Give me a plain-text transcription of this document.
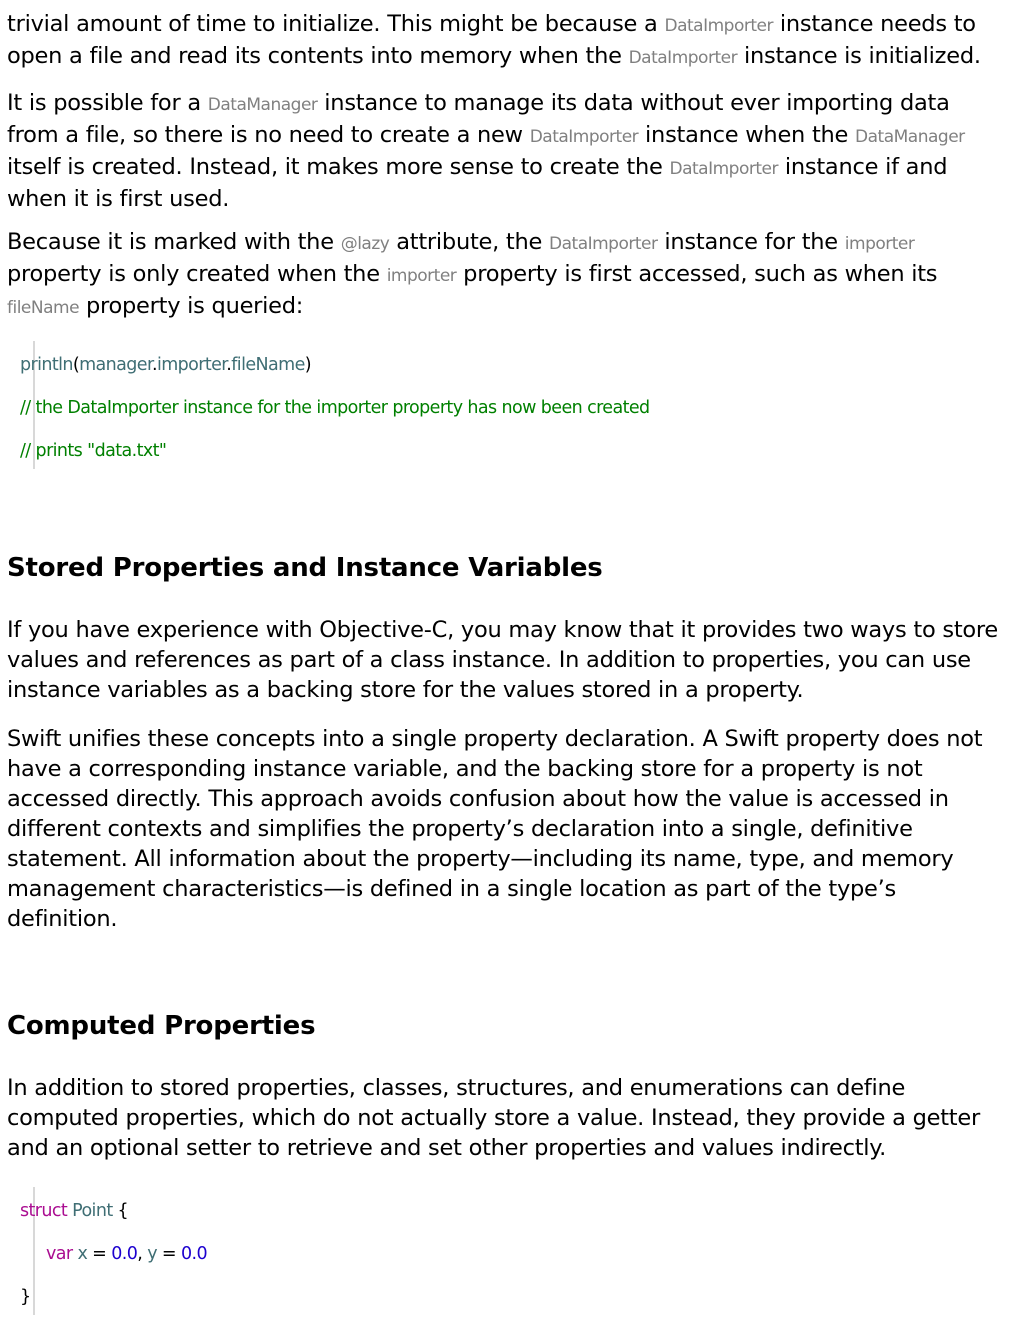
trivial amount of time to initialize. This might be because a DataImporter instance needs to
open a file and read its contents into memory when the DataImporter instance is initialized.

It is possible for a DataManager instance to manage its data without ever importing data
from a file, so there is no need to create a new DataImporter instance when the DataManager
itself is created. Instead, it makes more sense to create the DataImporter instance if and
when it is first used.

Because it is marked with the @lazy attribute, the DataImporter instance for the importer
property is only created when the importer property is first accessed, such as when its
fileName property is queried:

println(manager.importer.fileName)
// the DataImporter instance for the importer property has now been created
// prints "data.txt"
Stored Properties and Instance Variables

If you have experience with Objective-C, you may know that it provides two ways to store
values and references as part of a class instance. In addition to properties, you can use
instance variables as a backing store for the values stored in a property.

Swift unifies these concepts into a single property declaration. A Swift property does not
have a corresponding instance variable, and the backing store for a property is not
accessed directly. This approach avoids confusion about how the value is accessed in
different contexts and simplifies the property’s declaration into a single, definitive
statement. All information about the property—including its name, type, and memory
management characteristics—is defined in a single location as part of the type’s
definition.

Computed Properties

In addition to stored properties, classes, structures, and enumerations can define
computed properties, which do not actually store a value. Instead, they provide a getter
and an optional setter to retrieve and set other properties and values indirectly.

struct Point {
var x = 0.0, y = 0.0
}
